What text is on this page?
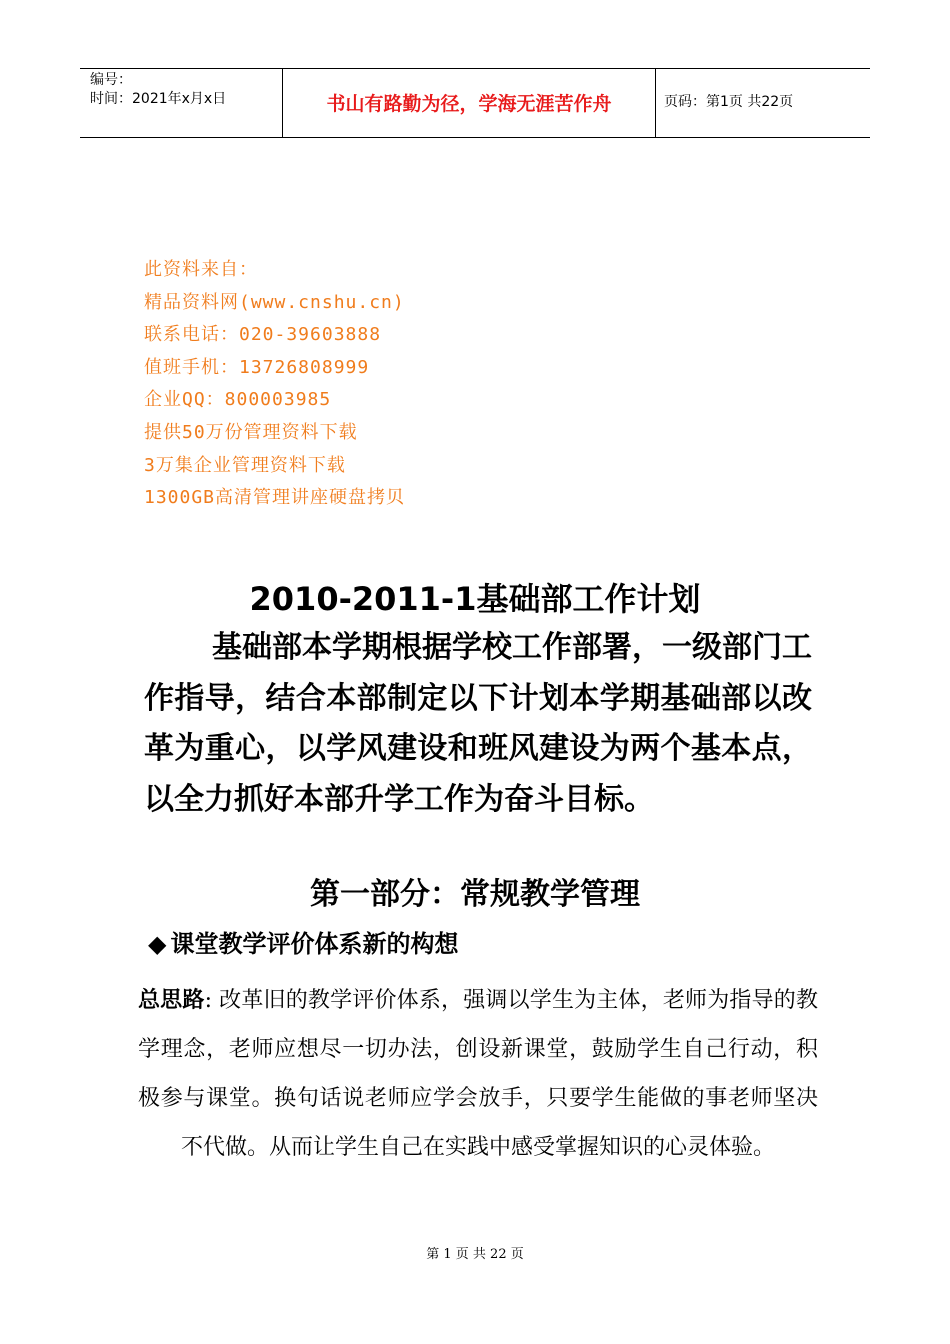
编号：
时间：2021年x月x日	书山有路勤为径，学海无涯苦作舟	页码：第1页 共22页
此资料来自：
精品资料网(www.cnshu.cn)
联系电话：020-39603888
值班手机：13726808999
企业QQ：800003985
提供50万份管理资料下载
3万集企业管理资料下载
1300GB高清管理讲座硬盘拷贝
2010-2011-1基础部工作计划
基础部本学期根据学校工作部署，一级部门工作指导，结合本部制定以下计划本学期基础部以改革为重心，以学风建设和班风建设为两个基本点，以全力抓好本部升学工作为奋斗目标。
第一部分：常规教学管理
◆ 课堂教学评价体系新的构想
总思路: 改革旧的教学评价体系，强调以学生为主体，老师为指导的教学理念，老师应想尽一切办法，创设新课堂，鼓励学生自己行动，积极参与课堂。换句话说老师应学会放手，只要学生能做的事老师坚决不代做。从而让学生自己在实践中感受掌握知识的心灵体验。
第 1 页 共 22 页
